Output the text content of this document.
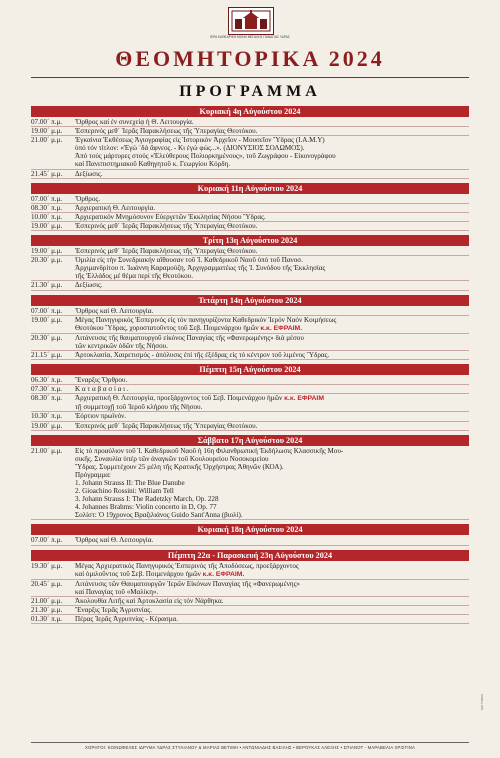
ΙΕΡΑ ΚΑΘΕΔΡΙΚΗ ΜΟΝΗ ΜΕΓΑΛΗΣ ΠΑΝΑΓΙΑΣ ΥΔΡΑΣ
ΘΕΟΜΗΤΟΡΙΚΑ 2024
ΠΡΟΓΡΑΜΜΑ
Κυριακή 4η Αὐγούστου 2024
07.00΄ π.μ.	Ὄρθρος καί ἐν συνεχείᾳ ἡ Θ. Λειτουργία.
19.00΄ μ.μ.	Ἑσπερινός μεθ᾿ Ἱερᾶς Παρακλήσεως τῆς Ὑπεραγίας Θεοτόκου.
21.00΄ μ.μ.	Ἐγκαίνια Ἐκθέσεως Ἁγιογραφίας εἰς Ἱστορικόν Ἀρχεῖον - Μουσεῖον Ὕδρας (Ι.Α.Μ.Υ)
ὑπό τόν τίτλον: «Ἐγώ ᾽δά ἄφνεος. - Κι ἐγώ φώς...». (ΔΙΟΝΥΣΙΟΣ ΣΟΛΩΜΟΣ).
Ἀπό τούς μάρτυρες στούς «Ἐλεύθερους Πολιορκημένους», τοῦ Ζωγράφου - Εἰκονογράφου
καί Πανεπιστημιακοῦ Καθηγητοῦ κ. Γεωργίου Κόρδη.
21.45΄ μ.μ.	Δεξίωσις.
Κυριακή 11η Αὐγούστου 2024
07.00΄ π.μ.	Ὄρθρος.
08.30΄ π.μ.	Ἀρχιερατική Θ. Λειτουργία.
10.00΄ π.μ.	Ἀρχιερατικόν Μνημόσυνον Εὐεργετῶν Ἐκκλησίας Νήσου Ὕδρας.
19.00΄ μ.μ.	Ἑσπερινός μεθ᾿ Ἱερᾶς Παρακλήσεως τῆς Ὑπεραγίας Θεοτόκου.
Τρίτη 13η Αὐγούστου 2024
19.00΄ μ.μ.	Ἑσπερινός μεθ᾿ Ἱερᾶς Παρακλήσεως τῆς Ὑπεραγίας Θεοτόκου.
20.30΄ μ.μ.	Ὁμιλία εἰς τήν Συνεδριακήν αἴθουσαν τοῦ Ἰ. Καθεδρικοῦ Ναοῦ ὑπό τοῦ Πανοσ.
Ἀρχιμανδρίτου π. Ἰωάννη Καραμούζη, Ἀρχιγραμματέως τῆς Ἰ. Συνόδου τῆς Ἐκκλησίας
τῆς Ἑλλάδος μέ θέμα περί τῆς Θεοτόκου.
21.30΄ μ.μ.	Δεξίωσις.
Τετάρτη 14η Αὐγούστου 2024
07.00΄ π.μ.	Ὄρθρος καί Θ. Λειτουργία.
19.00΄ μ.μ.	Μέγας Πανηγυρικός Ἑσπερινός εἰς τόν πανηγυρίζοντα Καθεδρικόν Ἱερόν Ναόν Κοιμήσεως
Θεοτόκου Ὕδρας, χοροστατοῦντος τοῦ Σεβ. Ποιμενάρχου ἡμῶν κ.κ. ΕΦΡΑΙΜ.
20.30΄ μ.μ.	Λιτάνευσις τῆς θαυματουργοῦ εἰκόνος Παναγίας τῆς «Φανερωμένης» διά μέσου
τῶν κεντρικῶν ὁδῶν τῆς Νήσου.
21.15΄ μ.μ.	Ἀρτοκλασία, Χαιρετισμός - ἀπόλυσις ἐπί τῆς ἐξέδρας εἰς τό κέντρον τοῦ λιμένος Ὕδρας.
Πέμπτη 15η Αὐγούστου 2024
06.30΄ π.μ.	Ἔναρξις Ὄρθρου.
07.30΄ π.μ.	Κ α τ α β α σ ί α ι .
08.30΄ π.μ.	Ἀρχιερατική Θ. Λειτουργία, προεξάρχοντος τοῦ Σεβ. Ποιμενάρχου ἡμῶν κ.κ. ΕΦΡΑΙΜ
τῇ συμμετοχῇ τοῦ Ἱεροῦ κλήρου τῆς Νήσου.
10.30΄ π.μ.	Ἐόρτιον πρωϊνόν.
19.00΄ μ.μ.	Ἑσπερινός μεθ᾿ Ἱερᾶς Παρακλήσεως τῆς Ὑπεραγίας Θεοτόκου.
Σάββατο 17η Αὐγούστου 2024
21.00΄ μ.μ.	Εἰς τό προαύλιον τοῦ Ἰ. Καθεδρικοῦ Ναοῦ ἡ 16η Φιλανθρωπική Ἐκδήλωσις Κλασσικῆς Μου-
σικῆς. Συναυλία ὑπέρ τῶν ἀναγκῶν τοῦ Κουλουρείου Νοσοκομείου
Ὕδρας. Συμμετέχουν 25 μέλη τῆς Κρατικῆς Ὀρχήστρας Ἀθηνῶν (ΚΟΑ).
Πρόγραμμα:
1. Johann Strauss II: The Blue Danube
2. Gioachino Rossini: William Tell
3. Johann Strauss I: The Radetzky March, Op. 228
4. Johannes Brahms: Violin concerto in D, Op. 77
Σολίστ: Ὁ 19χρονος Βραζιλιάνος Guido Sant'Anna (βιολί).
Κυριακή 18η Αὐγούστου 2024
07.00΄ π.μ.	Ὄρθρος καί Θ. Λειτουργία.
Πέμπτη 22α - Παρασκευή 23η Αὐγούστου 2024
19.30΄ μ.μ.	Μέγας Ἀρχιερατικός Πανηγυρικός Ἑσπερινός τῆς Ἀποδόσεως, προεξάρχοντος
καί ὁμιλοῦντος τοῦ Σεβ. Ποιμενάρχου ἡμῶν κ.κ. ΕΦΡΑΙΜ.
20.45΄ μ.μ.	Λιτάνευσις τῶν Θαυματουργῶν Ἱερῶν Εἰκόνων Παναγίας τῆς «Φανερωμένης»
καί Παναγίας τοῦ «Μαλίκη».
21.00΄ μ.μ.	Ἀκολουθία Λιτῆς καί Ἀρτοκλασία εἰς τόν Νάρθηκα.
21.30΄ μ.μ.	Ἔναρξις Ἱερᾶς Ἀγρυπνίας.
01.30΄ π.μ.	Πέρας Ἱερᾶς Ἀγρυπνίας - Κέρασμα.
ΧΟΡΗΓΟΙ: ΚΟΙΝΩΦΕΛΕΣ ΙΔΡΥΜΑ ΥΔΡΑΣ ΣΤΥΛΙΑΝΟΥ & ΜΑΡΙΑΣ ΒΕΤΙΜΗ • ΑΝΤΩΝΙΑΔΗΣ ΒΑΣΙΛΗΣ • ΒΕΡΟΥΚΑΣ ΑΛΕΞΗΣ • ΣΠΙΑΝΟΤ - ΜΑΡΑΒΕΛΙΑ ΧΡΙΣΤΙΝΑ
ΕΚΤΥΠΩΣΗ
